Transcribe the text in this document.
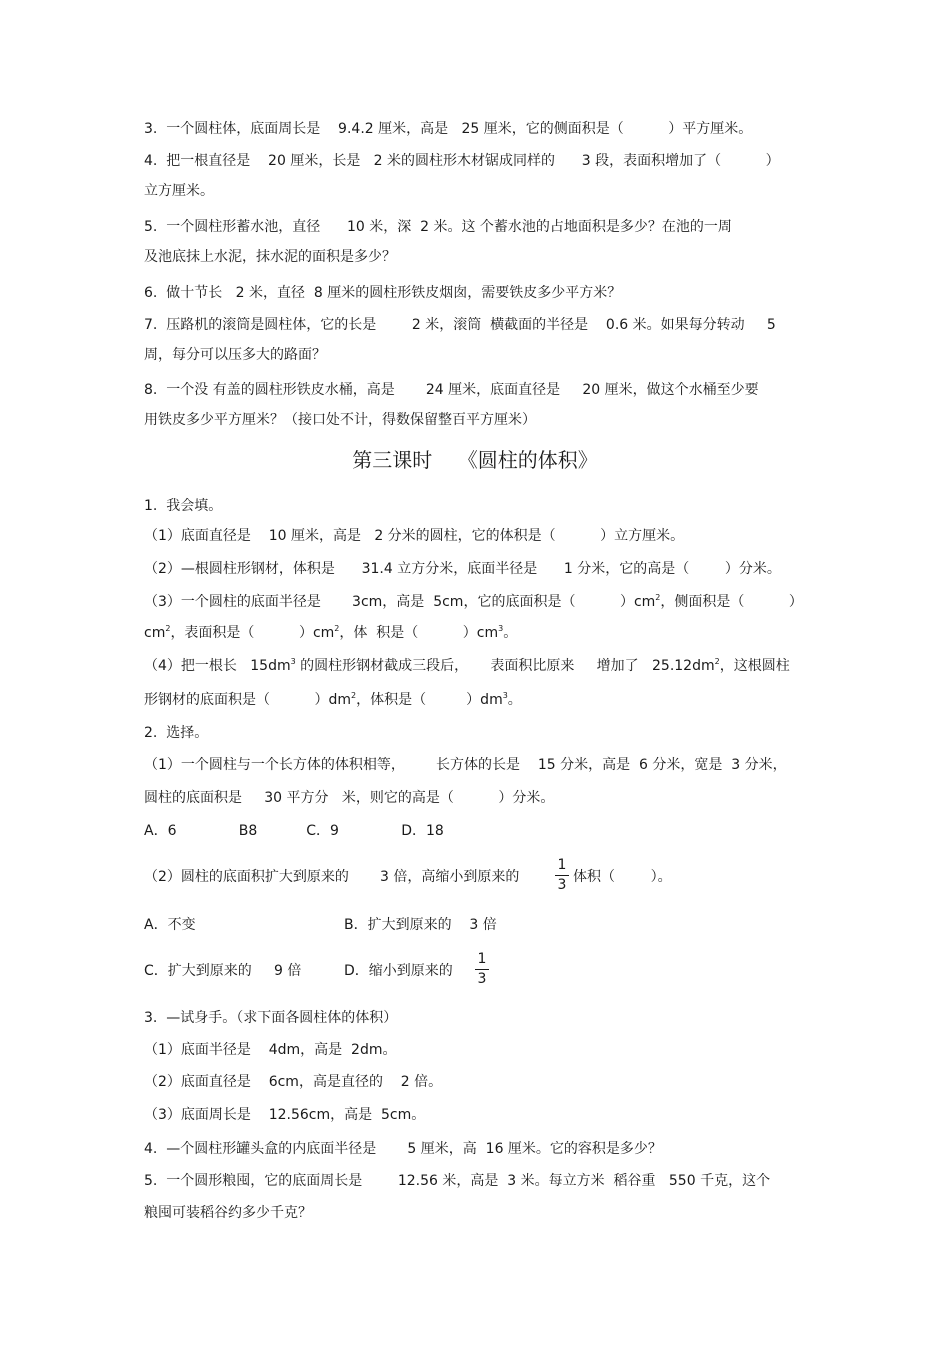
3.  一个圆柱体，底面周长是    9.4.2 厘米，高是   25 厘米，它的侧面积是（          ）平方厘米。
4.  把一根直径是    20 厘米，长是   2 米的圆柱形木材锯成同样的      3 段，表面积增加了（          ）
立方厘米。
5.  一个圆柱形蓄水池，直径      10 米，深  2 米。这 个蓄水池的占地面积是多少？在池的一周
及池底抹上水泥，抹水泥的面积是多少？
6.  做十节长   2 米，直径  8 厘米的圆柱形铁皮烟囱，需要铁皮多少平方米？
7.  压路机的滚筒是圆柱体，它的长是        2 米，滚筒  横截面的半径是    0.6 米。如果每分转动     5
周，每分可以压多大的路面？
8.  一个没 有盖的圆柱形铁皮水桶，高是       24 厘米，底面直径是     20 厘米，做这个水桶至少要
用铁皮多少平方厘米？（接口处不计，得数保留整百平方厘米）
第三课时    《圆柱的体积》
1.  我会填。
（1）底面直径是    10 厘米，高是   2 分米的圆柱，它的体积是（          ）立方厘米。
（2）—根圆柱形钢材，体积是      31.4 立方分米，底面半径是      1 分米，它的高是（        ）分米。
（3）一个圆柱的底面半径是       3cm，高是  5cm，它的底面积是（          ）$cm^2$，侧面积是（          ）
$cm^2$，表面积是（          ）$cm^2$，体  积是（          ）$cm^3$。
（4）把一根长   $15dm^3$ 的圆柱形钢材截成三段后，     表面积比原来     增加了   $25.12dm^2$，这根圆柱
形钢材的底面积是（          ）$dm^2$，体积是（         ）$dm^3$。
2.  选择。
（1）一个圆柱与一个长方体的体积相等，       长方体的长是    15 分米，高是  6 分米，宽是  3 分米，
圆柱的底面积是     30 平方分   米，则它的高是（          ）分米。
A．6              B8           C．9              D．18
（2）圆柱的底面积扩大到原来的       3 倍，高缩小到原来的	$\frac{1}{3}$ 体积（        ）。
A．不变	B．扩大到原来的    3 倍
C．扩大到原来的     9 倍	D．缩小到原来的 $\frac{1}{3}$
3.  —试身手。（求下面各圆柱体的体积）
（1）底面半径是    4dm，高是  2dm。
（2）底面直径是    6cm，高是直径的    2 倍。
（3）底面周长是    12.56cm，高是  5cm。
4.  —个圆柱形罐头盒的内底面半径是       5 厘米，高  16 厘米。它的容积是多少？
5.  一个圆形粮囤，它的底面周长是        12.56 米，高是  3 米。每立方米  稻谷重   550 千克，这个
粮囤可装稻谷约多少千克？
